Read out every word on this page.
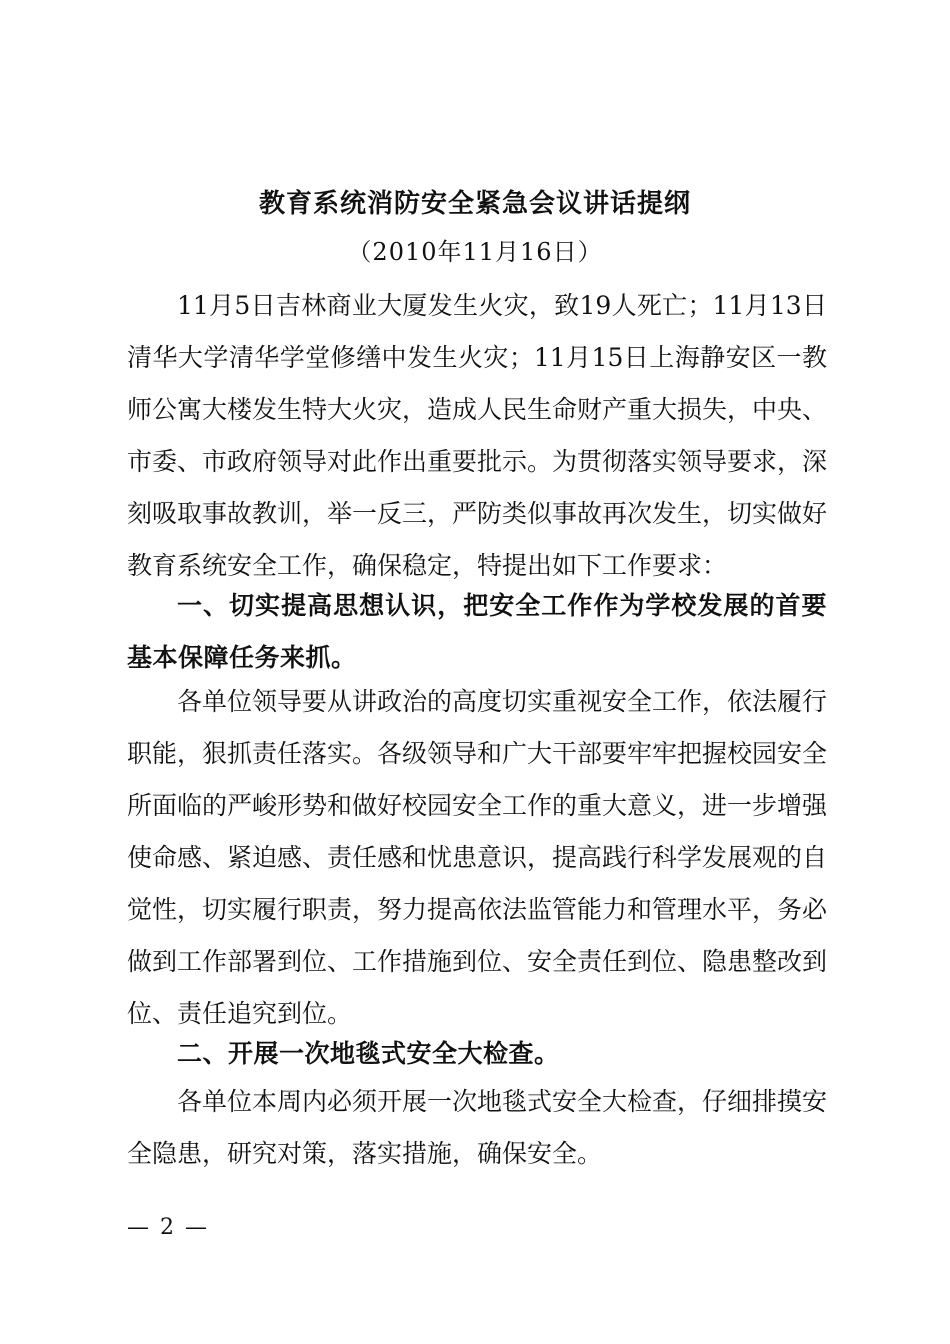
教育系统消防安全紧急会议讲话提纲
（2010年11月16日）

11月5日吉林商业大厦发生火灾，致19人死亡；11月13日清华大学清华学堂修缮中发生火灾；11月15日上海静安区一教师公寓大楼发生特大火灾，造成人民生命财产重大损失，中央、市委、市政府领导对此作出重要批示。为贯彻落实领导要求，深刻吸取事故教训，举一反三，严防类似事故再次发生，切实做好教育系统安全工作，确保稳定，特提出如下工作要求：

一、切实提高思想认识，把安全工作作为学校发展的首要基本保障任务来抓。

各单位领导要从讲政治的高度切实重视安全工作，依法履行职能，狠抓责任落实。各级领导和广大干部要牢牢把握校园安全所面临的严峻形势和做好校园安全工作的重大意义，进一步增强使命感、紧迫感、责任感和忧患意识，提高践行科学发展观的自觉性，切实履行职责，努力提高依法监管能力和管理水平，务必做到工作部署到位、工作措施到位、安全责任到位、隐患整改到位、责任追究到位。

二、开展一次地毯式安全大检查。

各单位本周内必须开展一次地毯式安全大检查，仔细排摸安全隐患，研究对策，落实措施，确保安全。

— 2 —
